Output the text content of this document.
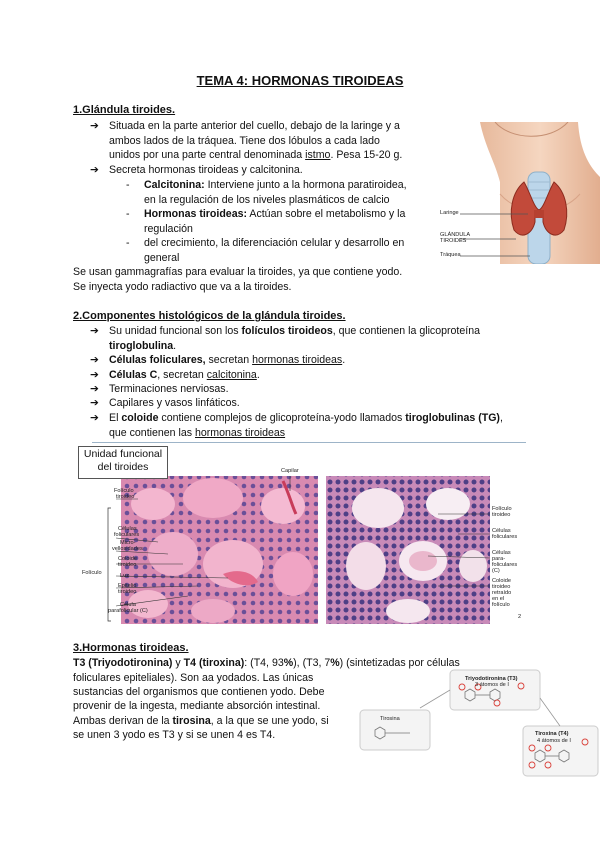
TEMA 4: HORMONAS TIROIDEAS
1.Glándula tiroides.
➔ Situada en la parte anterior del cuello, debajo de la laringe y a
ambos lados de la tráquea. Tiene dos lóbulos a cada lado
unidos por una parte central denominada istmo. Pesa 15-20 g.
➔ Secreta hormonas tiroideas y calcitonina.
- Calcitonina: Interviene junto a la hormona paratiroidea,
en la regulación de los niveles plasmáticos de calcio
- Hormonas tiroideas: Actúan sobre el metabolismo y la
regulación
- del crecimiento, la diferenciación celular y desarrollo en
general
Se usan gammagrafías para evaluar la tiroides, ya que contiene yodo.
Se inyecta yodo radiactivo que va a la tiroides.
Laringe
GLÁNDULA
TIROIDES
Tráquea
2.Componentes histológicos de la glándula tiroides.
➔ Su unidad funcional son los folículos tiroideos, que contienen la glicoproteína
tiroglobulina.
➔ Células foliculares, secretan hormonas tiroideas.
➔ Células C, secretan calcitonina.
➔ Terminaciones nerviosas.
➔ Capilares y vasos linfáticos.
➔ El coloide contiene complejos de glicoproteína-yodo llamados tiroglobulinas (TG),
que contienen las hormonas tiroideas
Folículo
tiroideo
Células
foliculares
Micro-
vellosidades
Coloide
tiroideo
Luz
Epitelio
tiroideo
Célula
parafolicular (C)
Folículo
Capilar
Folículo
tiroideo
Células
foliculares
Células
para-
foliculares (C)
Coloide
tiroideo
retraído
en el folículo
2
Unidad funcional
del tiroides
3.Hormonas tiroideas.
T3 (Triyodotironina) y T4 (tiroxina): (T4, 93%), (T3, 7%) (sintetizadas por células
foliculares epiteliales). Son aa yodados. Las únicas
sustancias del organismos que contienen yodo. Debe
provenir de la ingesta, mediante absorción intestinal.
Ambas derivan de la tirosina, a la que se une yodo, si
se unen 3 yodo es T3 y si se unen 4 es T4.
Triyodotironina (T3)
3 átomos de I
Tirosina
Tiroxina (T4)
4 átomos de I
